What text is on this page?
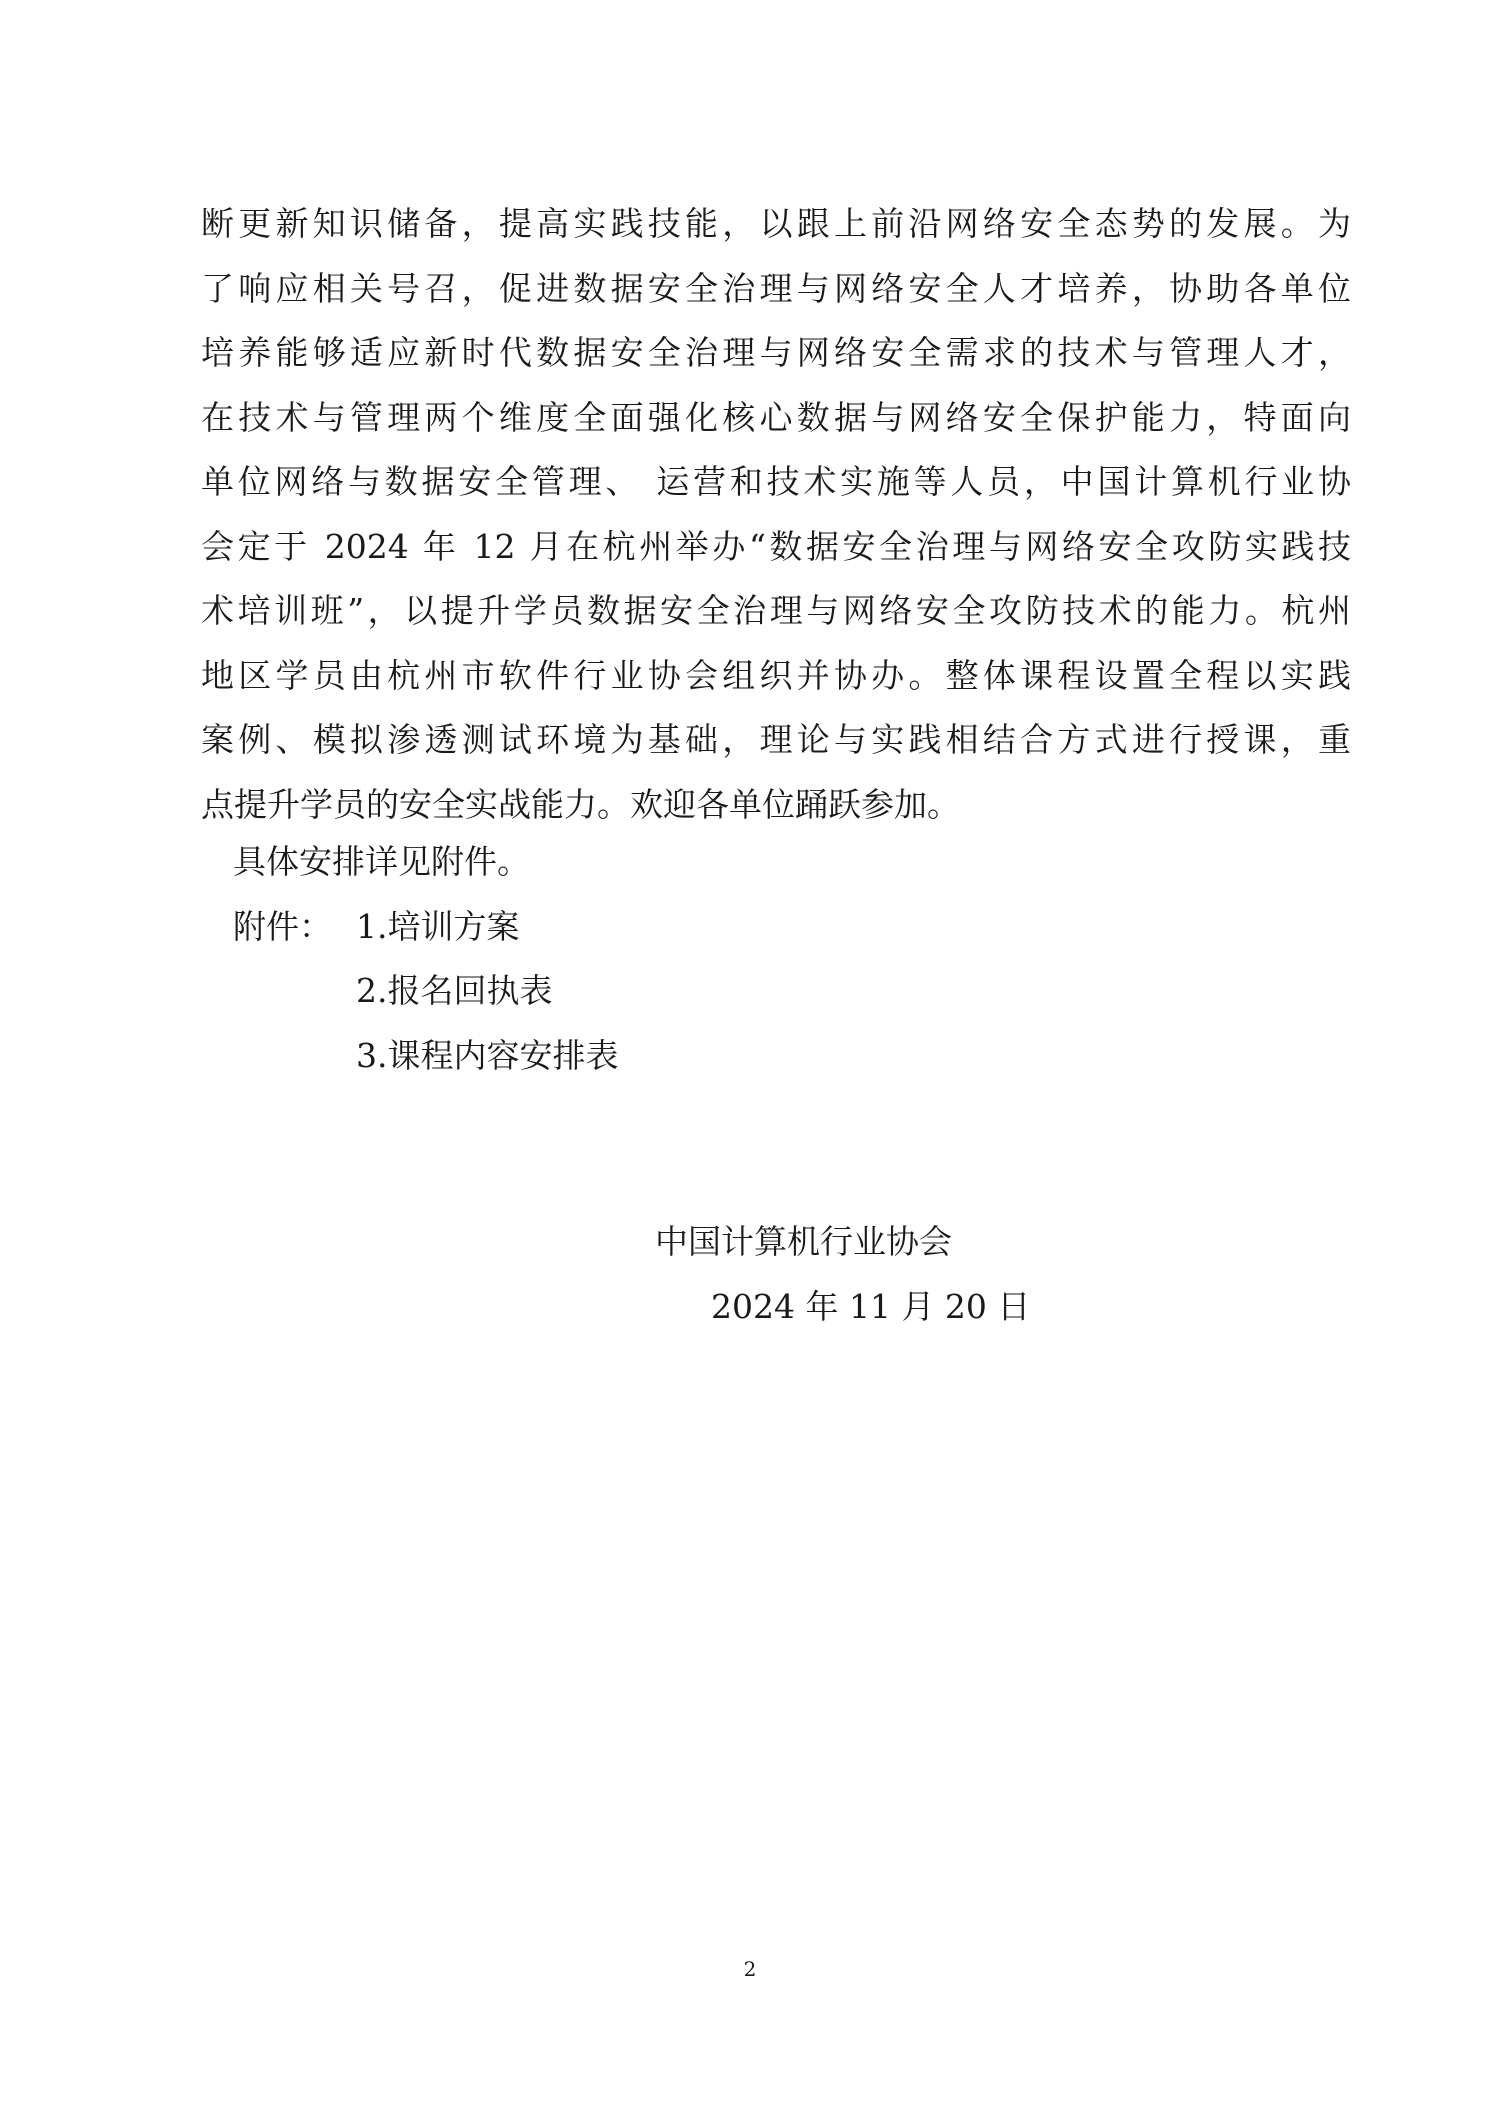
断更新知识储备，提高实践技能，以跟上前沿网络安全态势的发展。为
了响应相关号召，促进数据安全治理与网络安全人才培养，协助各单位
培养能够适应新时代数据安全治理与网络安全需求的技术与管理人才，
在技术与管理两个维度全面强化核心数据与网络安全保护能力，特面向
单位网络与数据安全管理、 运营和技术实施等人员，中国计算机行业协
会定于 2024 年 12 月在杭州举办“数据安全治理与网络安全攻防实践技
术培训班”，以提升学员数据安全治理与网络安全攻防技术的能力。杭州
地区学员由杭州市软件行业协会组织并协办。整体课程设置全程以实践
案例、模拟渗透测试环境为基础，理论与实践相结合方式进行授课，重
点提升学员的安全实战能力。欢迎各单位踊跃参加。
具体安排详见附件。
附件： 1.培训方案
2.报名回执表
3.课程内容安排表
中国计算机行业协会
2024 年 11 月 20 日
2
